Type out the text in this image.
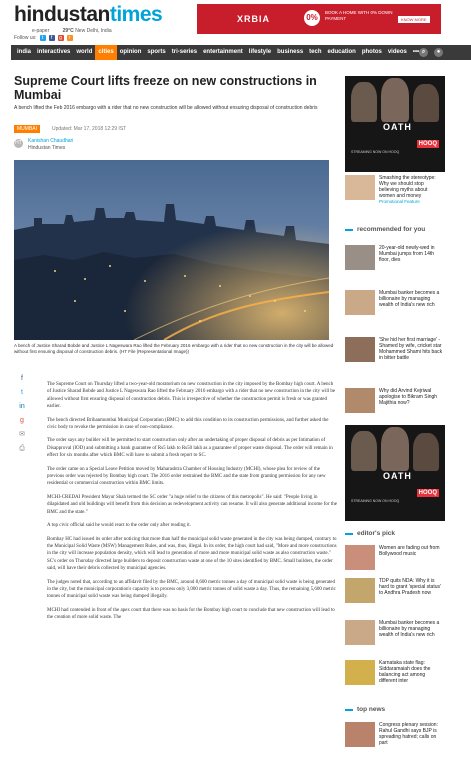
hindustantimes
e-paper	29°C New Delhi, India
Follow us:	t	f	g	r
XRBIA	0%
BOOK A HOME WITH 0% DOWN PAYMENT	KNOW MORE
india	interactives	world	cities	opinion	sports	tri-series	entertainment	lifestyle	business	tech	education	photos	videos	••• ⌕	●
Supreme Court lifts freeze on new constructions in Mumbai

A bench lifted the Feb 2016 embargo with a rider that no new construction will be allowed without ensuring disposal of construction debris

MUMBAI	Updated: Mar 17, 2018 12:29 IST
HT Kanishan Chaudhari
Hindustan Times

A bench of Justice Sharad Bobde and Justice L Nageswara Rao lifted the February 2016 embargo with a rider that no new construction in the city will be allowed without first ensuring disposal of construction debris. (HT File (Representational Image))

f
t
in
g
✉
⎙

The Supreme Court on Thursday lifted a two-year-old moratorium on new construction in the city imposed by the Bombay high court. A bench of Justice Sharad Bobde and Justice L Nageswara Rao lifted the February 2016 embargo with a rider that no new construction in the city will be allowed without first ensuring disposal of construction debris. This is irrespective of whether the construction permit is fresh or was granted earlier.

The bench directed Brihanmumbai Municipal Corporation (BMC) to add this condition to its construction permissions, and further asked the civic body to revoke the permission in case of non-compliance.

The order says any builder will be permitted to start construction only after an undertaking of proper disposal of debris as per Intimation of Disapproval (IOD) and submitting a bank guarantee of Rs5 lakh to Rs50 lakh as a guarantee of proper waste disposal. The order will remain in effect for six months after which BMC will have to submit a fresh report to SC.

The order came on a Special Leave Petition moved by Maharashtra Chamber of Housing Industry (MCHI), whose plea for review of the previous order was rejected by Bombay high court. The 2016 order restrained the BMC and the state from granting permission for any new residential or commercial construction within BMC limits.

MCHI-CREDAI President Mayur Shah termed the SC order "a huge relief to the citizens of this metropolis". He said: "People living in dilapidated and old buildings will benefit from this decision as redevelopment activity can resume. It will also generate additional income for the BMC and the state."

A top civic official said he would react to the order only after reading it.

Bombay HC had issued its order after noticing that more than half the municipal solid waste generated in the city was being dumped, contrary to the Municipal Solid Waste (MSW) Management Rules, and was, thus, illegal. In its order, the high court had said, "More and more constructions in the city will increase population density, which will lead to generation of more and more municipal solid waste as also construction waste." SC's order on Thursday directed large builders to deposit construction waste at one of the 10 sites identified by BMC. Small builders, the order said, will have their debris collected by municipal agencies.

The judges noted that, according to an affidavit filed by the BMC, around 8,600 metric tonnes a day of municipal solid waste is being generated in the city, but the municipal corporation's capacity is to process only 3,000 metric tonnes of solid waste a day. Thus, the remaining 5,600 metric tonnes of municipal solid waste was being dumped illegally.

MCHI had contended in front of the apex court that there was no basis for the Bombay high court to conclude that new construction will lead to the creation of more solid waste. The

OATH
HOOQ
STREAMING NOW ON HOOQ
Smashing the stereotype: Why we should stop believing myths about women and money
Promotional Feature
recommended for you
20-year-old newly-wed in Mumbai jumps from 14th floor, dies
Mumbai banker becomes a billionaire by managing wealth of India's new rich
'She hid her first marriage' - Shamed by wife, cricket star Mohammed Shami hits back in bitter battle
Why did Arvind Kejriwal apologise to Bikram Singh Majithia now?
OATH
HOOQ
STREAMING NOW ON HOOQ
editor's pick
Women are fading out from Bollywood music
TDP quits NDA: Why it is hard to grant 'special status' to Andhra Pradesh now
Mumbai banker becomes a billionaire by managing wealth of India's new rich
Karnataka state flag: Siddaramaiah does the balancing act among different inter
top news
Congress plenary session: Rahul Gandhi says BJP is spreading hatred; calls on part
